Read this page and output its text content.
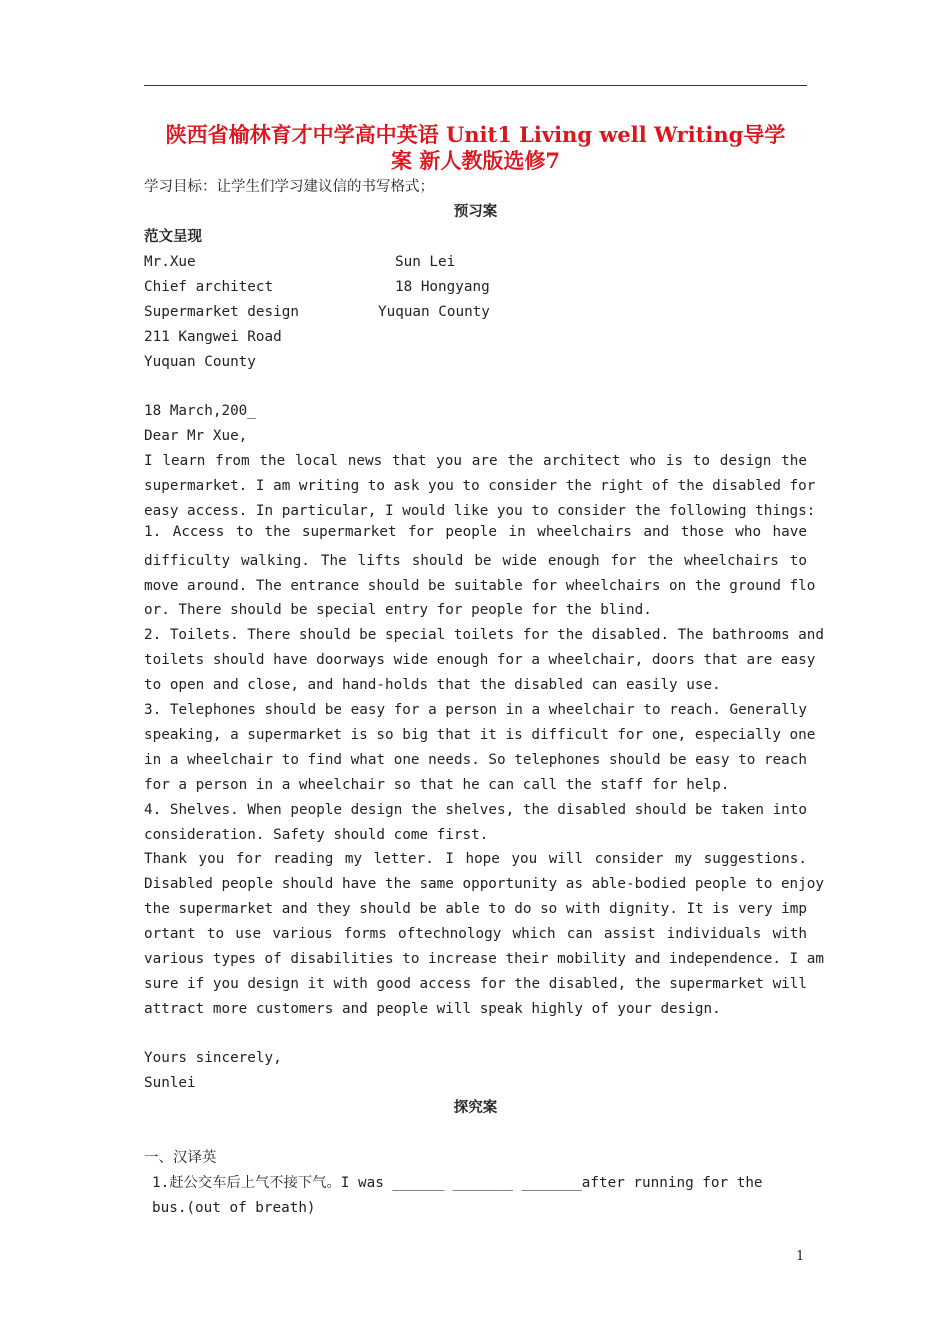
陕西省榆林育才中学高中英语 Unit1 Living well Writing导学
案 新人教版选修7
学习目标：让学生们学习建议信的书写格式；
预习案
范文呈现
Mr.Xue
Chief architect
Supermarket design
211 Kangwei Road
Yuquan County
Sun Lei
18 Hongyang
Yuquan County
18 March,200_
Dear Mr Xue,
I learn from the local news that you are the architect who is to design the
supermarket. I am writing to ask you to consider the right of the disabled for
easy access. In particular, I would like you to consider the following things:
1. Access to the supermarket for people in wheelchairs and those who have
difficulty walking. The lifts should be wide enough for the wheelchairs to
move around. The entrance should be suitable for wheelchairs on the ground flo
or. There should be special entry for people for the blind.
2. Toilets. There should be special toilets for the disabled. The bathrooms and
toilets should have doorways wide enough for a wheelchair, doors that are easy
to open and close, and hand-holds that the disabled can easily use.
3. Telephones should be easy for a person in a wheelchair to reach. Generally
speaking, a supermarket is so big that it is difficult for one, especially one
in a wheelchair to find what one needs. So telephones should be easy to reach
for a person in a wheelchair so that he can call the staff for help.
4. Shelves. When people design the shelves, the disabled should be taken into
consideration. Safety should come first.
Thank you for reading my letter. I hope you will consider my suggestions.
Disabled people should have the same opportunity as able-bodied people to enjoy
the supermarket and they should be able to do so with dignity. It is very imp
ortant to use various forms oftechnology which can assist individuals with
various types of disabilities to increase their mobility and independence. I am
sure if you design it with good access for the disabled, the supermarket will
attract more customers and people will speak highly of your design.
Yours sincerely,
Sunlei
探究案
一、汉译英
1.赶公交车后上气不接下气。I was ______ _______ _______after running for the
bus.(out of breath)
1
